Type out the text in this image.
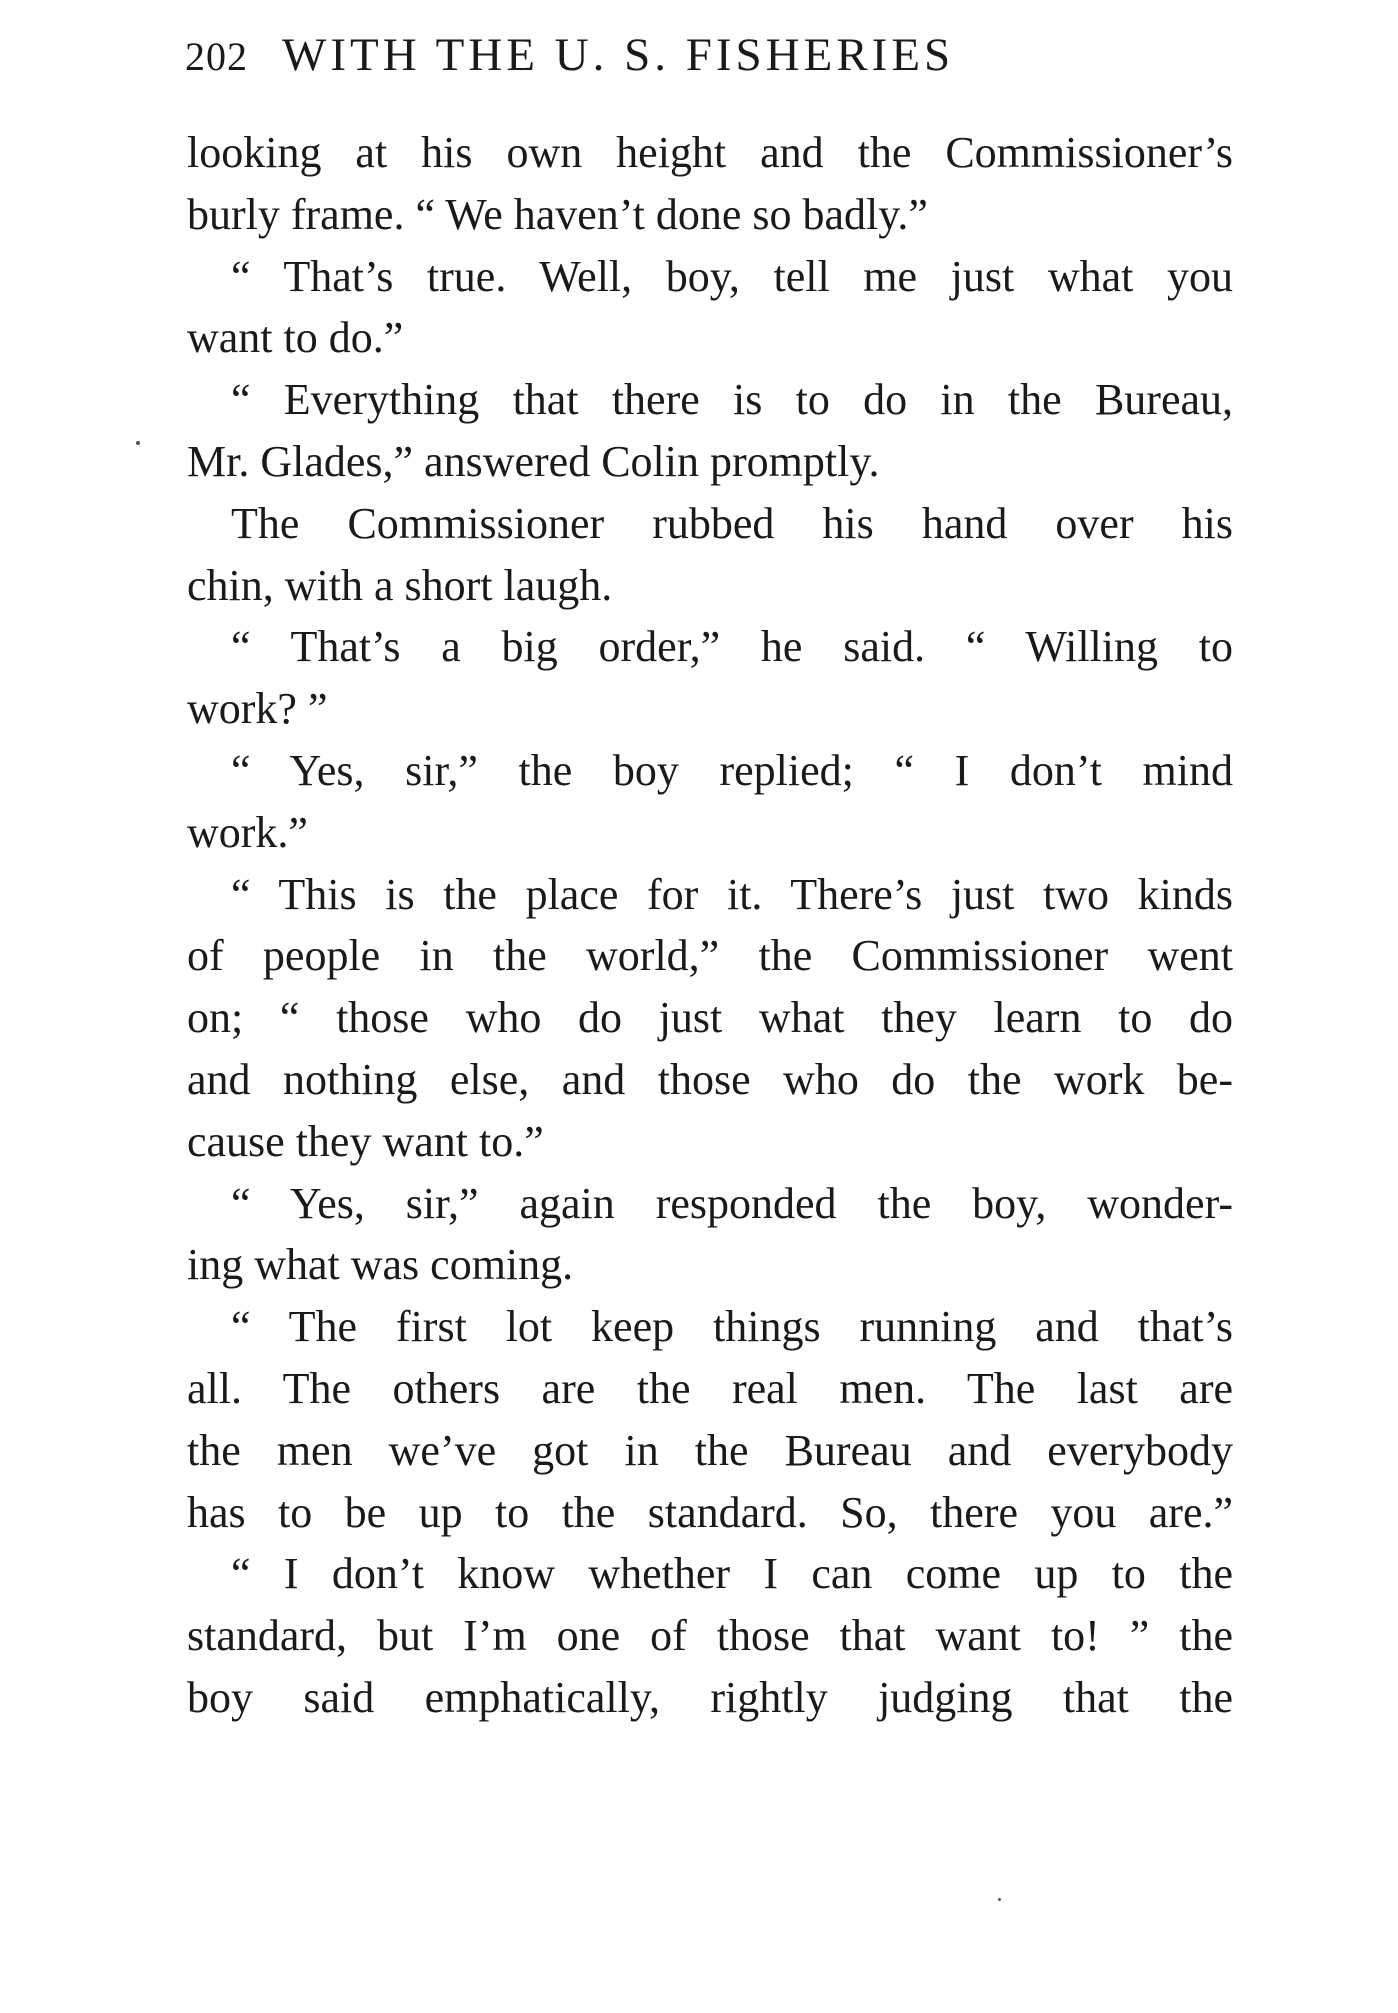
202 WITH THE U. S. FISHERIES
looking at his own height and the Commissioner’s
burly frame. “ We haven’t done so badly.”
“ That’s true. Well, boy, tell me just what you
want to do.”
“ Everything that there is to do in the Bureau,
Mr. Glades,” answered Colin promptly.
The Commissioner rubbed his hand over his
chin, with a short laugh.
“ That’s a big order,” he said. “ Willing to
work? ”
“ Yes, sir,” the boy replied; “ I don’t mind
work.”
“ This is the place for it. There’s just two kinds
of people in the world,” the Commissioner went
on; “ those who do just what they learn to do
and nothing else, and those who do the work be-
cause they want to.”
“ Yes, sir,” again responded the boy, wonder-
ing what was coming.
“ The first lot keep things running and that’s
all. The others are the real men. The last are
the men we’ve got in the Bureau and everybody
has to be up to the standard. So, there you are.”
“ I don’t know whether I can come up to the
standard, but I’m one of those that want to! ” the
boy said emphatically, rightly judging that the
